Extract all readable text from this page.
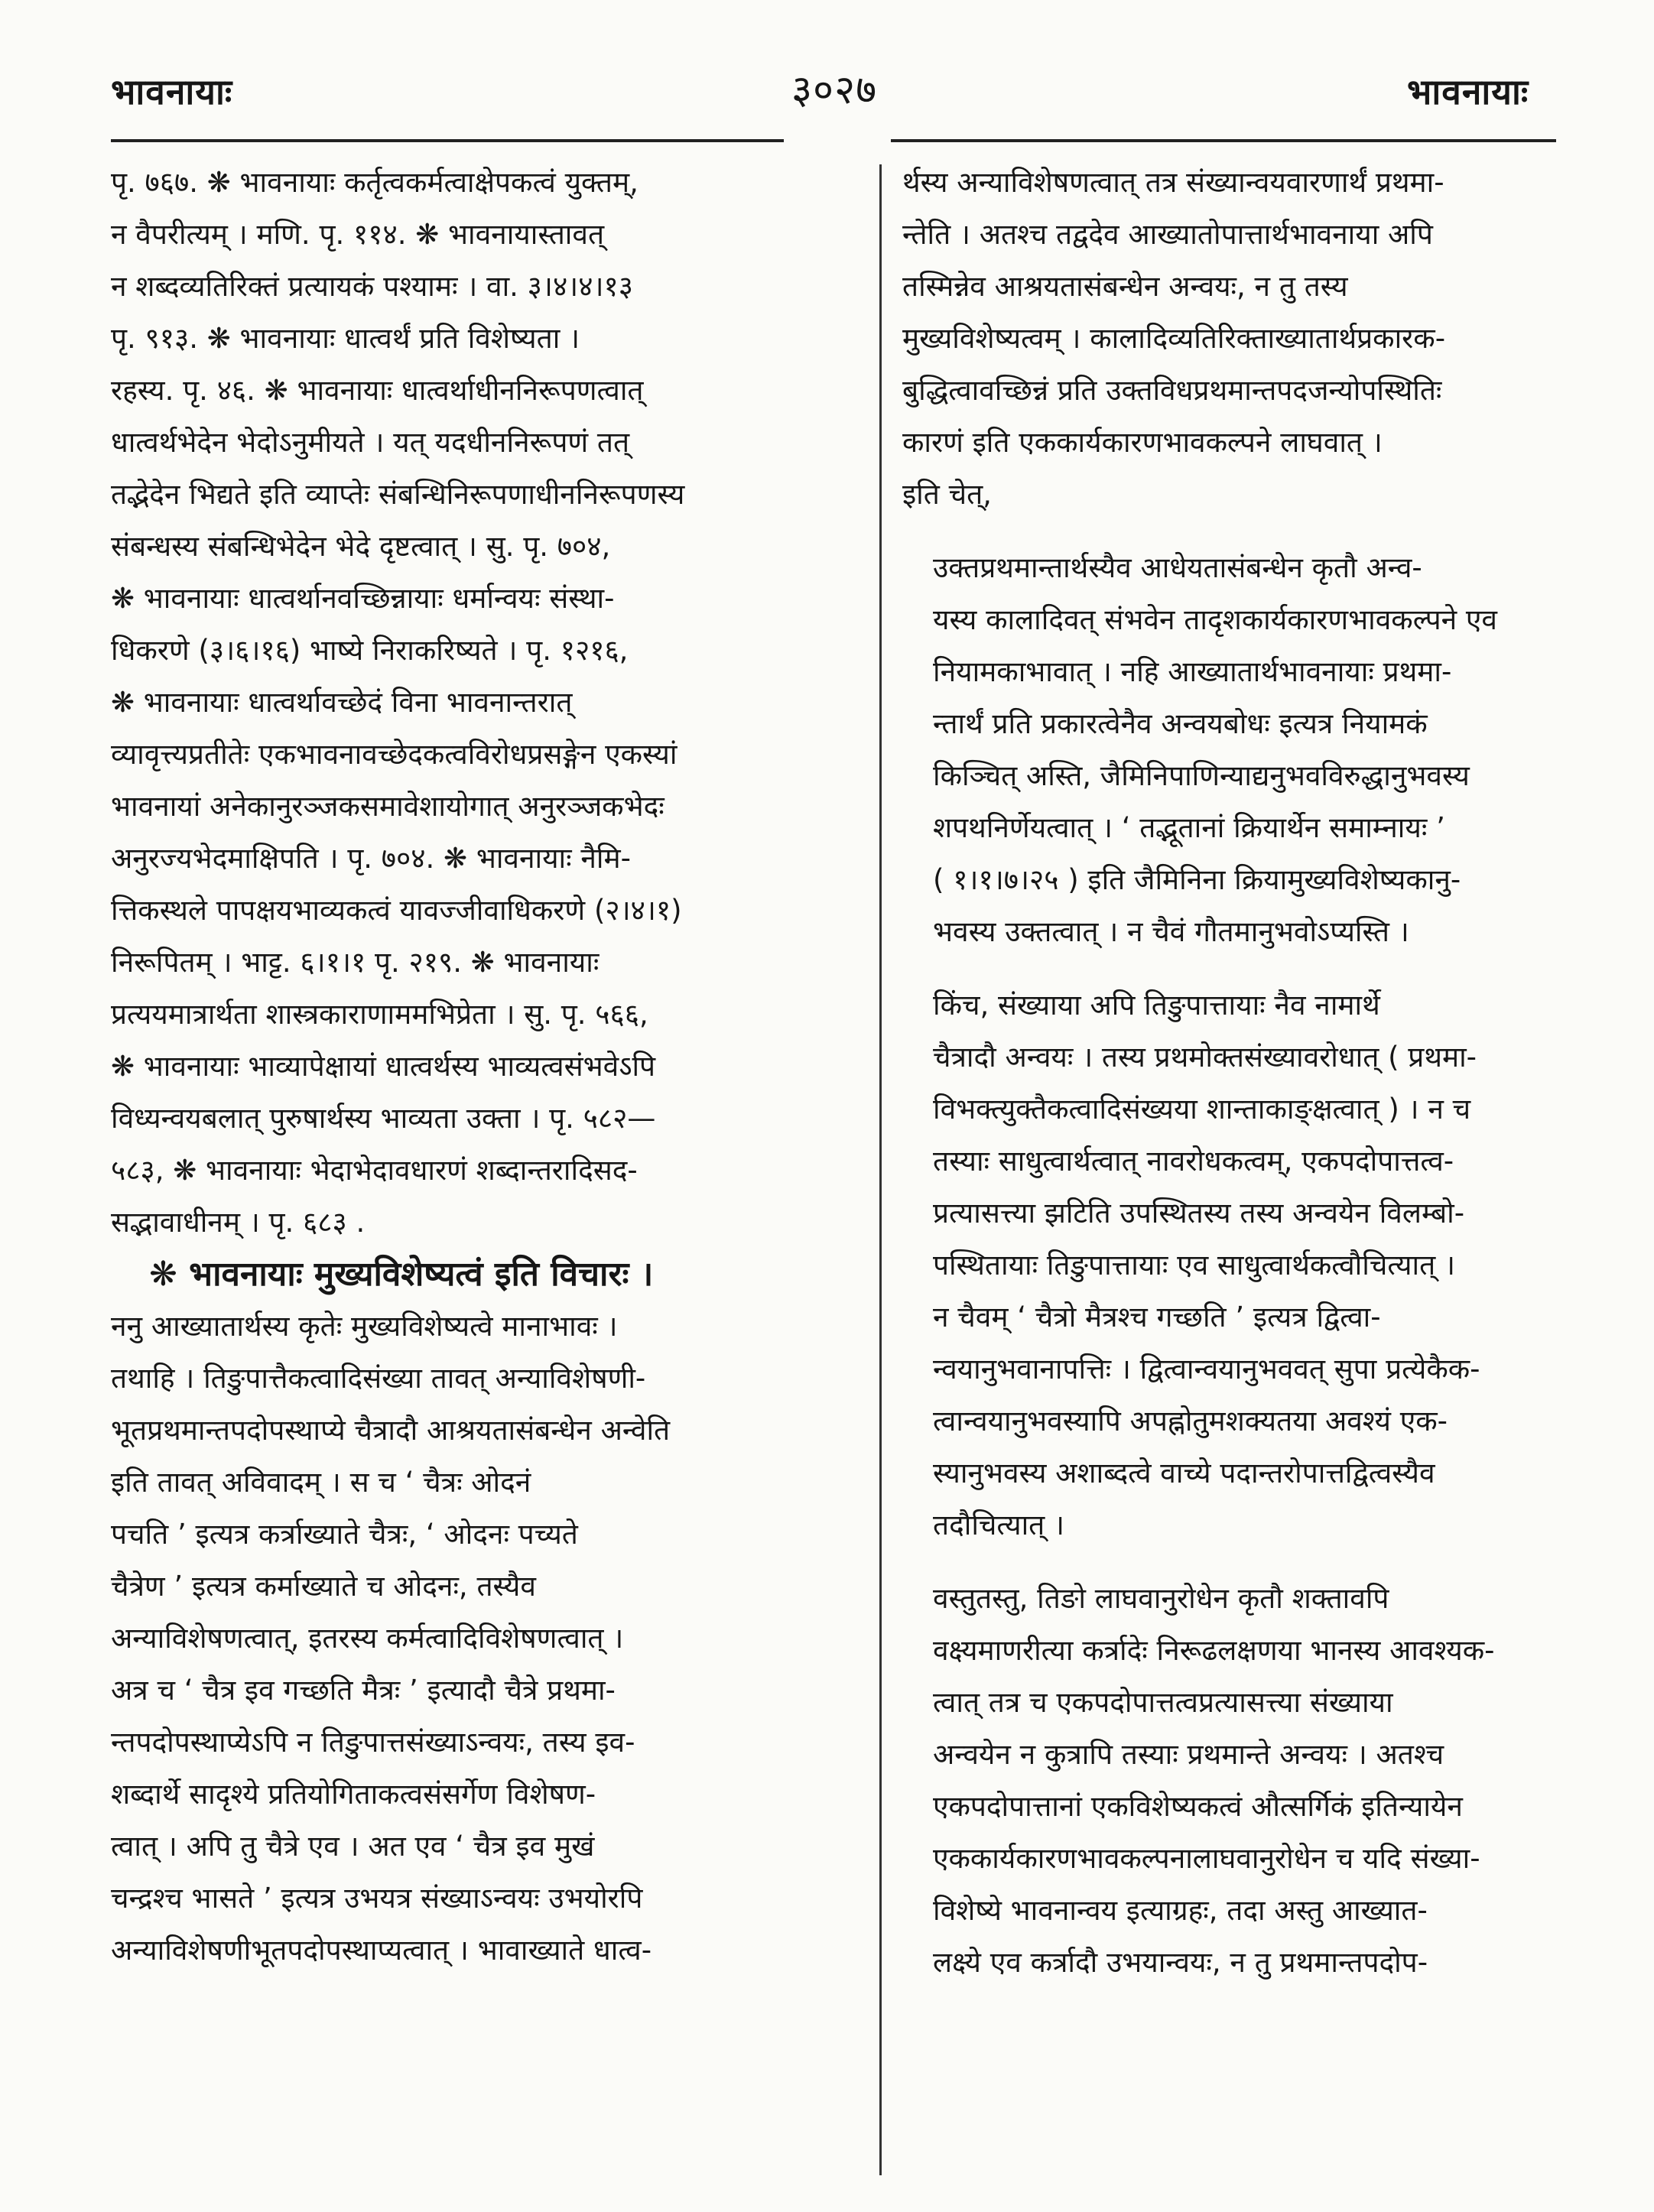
भावनायाः	३०२७	भावनायाः

पृ. ७६७. ❋ भावनायाः कर्तृत्वकर्मत्वाक्षेपकत्वं युक्तम्,

न वैपरीत्यम् । मणि. पृ. ११४. ❋ भावनायास्तावत्

न शब्दव्यतिरिक्तं प्रत्यायकं पश्यामः । वा. ३।४।४।१३

पृ. ९१३. ❋ भावनायाः धात्वर्थं प्रति विशेष्यता ।

रहस्य. पृ. ४६. ❋ भावनायाः धात्वर्थाधीननिरूपणत्वात्

धात्वर्थभेदेन भेदोऽनुमीयते । यत् यदधीननिरूपणं तत्

तद्भेदेन भिद्यते इति व्याप्तेः संबन्धिनिरूपणाधीननिरूपणस्य

संबन्धस्य संबन्धिभेदेन भेदे दृष्टत्वात् । सु. पृ. ७०४,

❋ भावनायाः धात्वर्थानवच्छिन्नायाः धर्मान्वयः संस्था-

धिकरणे (३।६।१६) भाष्ये निराकरिष्यते । पृ. १२१६,

❋ भावनायाः धात्वर्थावच्छेदं विना भावनान्तरात्

व्यावृत्त्यप्रतीतेः एकभावनावच्छेदकत्वविरोधप्रसङ्गेन एकस्यां

भावनायां अनेकानुरञ्जकसमावेशायोगात् अनुरञ्जकभेदः

अनुरज्यभेदमाक्षिपति । पृ. ७०४. ❋ भावनायाः नैमि-

त्तिकस्थले पापक्षयभाव्यकत्वं यावज्जीवाधिकरणे (२।४।१)

निरूपितम् । भाट्ट. ६।१।१ पृ. २१९. ❋ भावनायाः

प्रत्ययमात्रार्थता शास्त्रकाराणाममभिप्रेता । सु. पृ. ५६६,

❋ भावनायाः भाव्यापेक्षायां धात्वर्थस्य भाव्यत्वसंभवेऽपि

विध्यन्वयबलात् पुरुषार्थस्य भाव्यता उक्ता । पृ. ५८२—

५८३, ❋ भावनायाः भेदाभेदावधारणं शब्दान्तरादिसद-

सद्भावाधीनम् । पृ. ६८३ .

❋ भावनायाः मुख्यविशेष्यत्वं इति विचारः ।

ननु आख्यातार्थस्य कृतेः मुख्यविशेष्यत्वे मानाभावः ।

तथाहि । तिङुपात्तैकत्वादिसंख्या तावत् अन्याविशेषणी-

भूतप्रथमान्तपदोपस्थाप्ये चैत्रादौ आश्रयतासंबन्धेन अन्वेति

इति तावत् अविवादम् । स च ‘ चैत्रः ओदनं

पचति ’ इत्यत्र कर्त्राख्याते चैत्रः, ‘ ओदनः पच्यते

चैत्रेण ’ इत्यत्र कर्माख्याते च ओदनः, तस्यैव

अन्याविशेषणत्वात्, इतरस्य कर्मत्वादिविशेषणत्वात् ।

अत्र च ‘ चैत्र इव गच्छति मैत्रः ’ इत्यादौ चैत्रे प्रथमा-

न्तपदोपस्थाप्येऽपि न तिङुपात्तसंख्याऽन्वयः, तस्य इव-

शब्दार्थे सादृश्ये प्रतियोगिताकत्वसंसर्गेण विशेषण-

त्वात् । अपि तु चैत्रे एव । अत एव ‘ चैत्र इव मुखं

चन्द्रश्च भासते ’ इत्यत्र उभयत्र संख्याऽन्वयः उभयोरपि

अन्याविशेषणीभूतपदोपस्थाप्यत्वात् । भावाख्याते धात्व-

र्थस्य अन्याविशेषणत्वात् तत्र संख्यान्वयवारणार्थं प्रथमा-

न्तेति । अतश्च तद्वदेव आख्यातोपात्तार्थभावनाया अपि

तस्मिन्नेव आश्रयतासंबन्धेन अन्वयः, न तु तस्य

मुख्यविशेष्यत्वम् । कालादिव्यतिरिक्ताख्यातार्थप्रकारक-

बुद्धित्वावच्छिन्नं प्रति उक्तविधप्रथमान्तपदजन्योपस्थितिः

कारणं इति एककार्यकारणभावकल्पने लाघवात् ।

इति चेत्,

उक्तप्रथमान्तार्थस्यैव आधेयतासंबन्धेन कृतौ अन्व-

यस्य कालादिवत् संभवेन तादृशकार्यकारणभावकल्पने एव

नियामकाभावात् । नहि आख्यातार्थभावनायाः प्रथमा-

न्तार्थं प्रति प्रकारत्वेनैव अन्वयबोधः इत्यत्र नियामकं

किञ्चित् अस्ति, जैमिनिपाणिन्याद्यनुभवविरुद्धानुभवस्य

शपथनिर्णेयत्वात् । ‘ तद्भूतानां क्रियार्थेन समाम्नायः ’

( १।१।७।२५ ) इति जैमिनिना क्रियामुख्यविशेष्यकानु-

भवस्य उक्तत्वात् । न चैवं गौतमानुभवोऽप्यस्ति ।

किंच, संख्याया अपि तिङुपात्तायाः नैव नामार्थे

चैत्रादौ अन्वयः । तस्य प्रथमोक्तसंख्यावरोधात् ( प्रथमा-

विभक्त्युक्तैकत्वादिसंख्यया शान्ताकाङ्क्षत्वात् ) । न च

तस्याः साधुत्वार्थत्वात् नावरोधकत्वम्, एकपदोपात्तत्व-

प्रत्यासत्त्या झटिति उपस्थितस्य तस्य अन्वयेन विलम्बो-

पस्थितायाः तिङुपात्तायाः एव साधुत्वार्थकत्वौचित्यात् ।

न चैवम् ‘ चैत्रो मैत्रश्च गच्छति ’ इत्यत्र द्वित्वा-

न्वयानुभवानापत्तिः । द्वित्वान्वयानुभववत् सुपा प्रत्येकैक-

त्वान्वयानुभवस्यापि अपह्नोतुमशक्यतया अवश्यं एक-

स्यानुभवस्य अशाब्दत्वे वाच्ये पदान्तरोपात्तद्वित्वस्यैव

तदौचित्यात् ।

वस्तुतस्तु, तिङो लाघवानुरोधेन कृतौ शक्तावपि

वक्ष्यमाणरीत्या कर्त्रादेः निरूढलक्षणया भानस्य आवश्यक-

त्वात् तत्र च एकपदोपात्तत्वप्रत्यासत्त्या संख्याया

अन्वयेन न कुत्रापि तस्याः प्रथमान्ते अन्वयः । अतश्च

एकपदोपात्तानां एकविशेष्यकत्वं औत्सर्गिकं इतिन्यायेन

एककार्यकारणभावकल्पनालाघवानुरोधेन च यदि संख्या-

विशेष्ये भावनान्वय इत्याग्रहः, तदा अस्तु आख्यात-

लक्ष्ये एव कर्त्रादौ उभयान्वयः, न तु प्रथमान्तपदोप-
